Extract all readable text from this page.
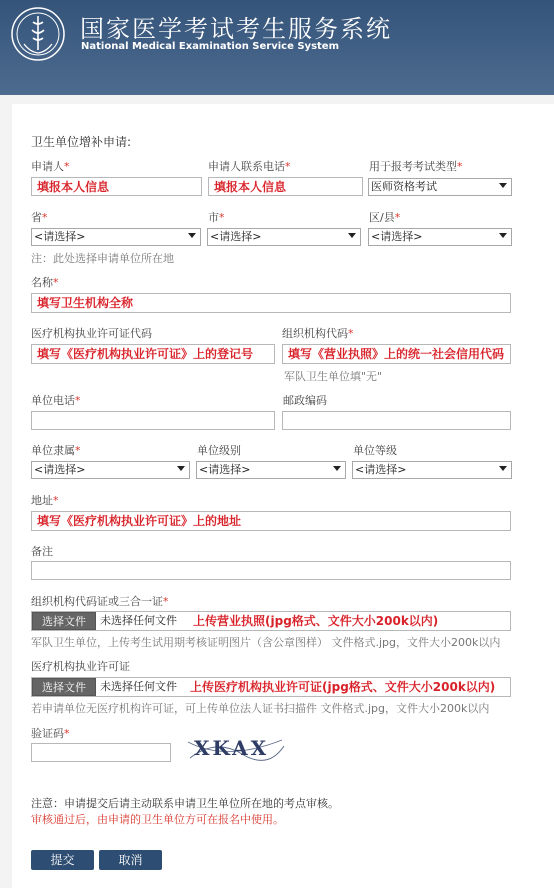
国家医学考试考生服务系统
National Medical Examination Service System
卫生单位增补申请:
申请人*
填报本人信息
申请人联系电话*
填报本人信息
用于报考考试类型*
医师资格考试
省*
<请选择>
市*
<请选择>
区/县*
<请选择>
注：此处选择申请单位所在地
名称*
填写卫生机构全称
医疗机构执业许可证代码
填写《医疗机构执业许可证》上的登记号
组织机构代码*
填写《营业执照》上的统一社会信用代码
军队卫生单位填"无"
单位电话*	邮政编码
单位隶属*
<请选择>
单位级别
<请选择>
单位等级
<请选择>
地址*
填写《医疗机构执业许可证》上的地址
备注
组织机构代码证或三合一证*
选择文件	未选择任何文件 上传营业执照(jpg格式、文件大小200k以内)
军队卫生单位，上传考生试用期考核证明图片（含公章图样） 文件格式.jpg，文件大小200k以内
医疗机构执业许可证
选择文件	未选择任何文件 上传医疗机构执业许可证(jpg格式、文件大小200k以内)
若申请单位无医疗机构许可证，可上传单位法人证书扫描件 文件格式.jpg，文件大小200k以内
验证码*
XKAX
注意：申请提交后请主动联系申请卫生单位所在地的考点审核。
审核通过后，由申请的卫生单位方可在报名中使用。
提交	取消
